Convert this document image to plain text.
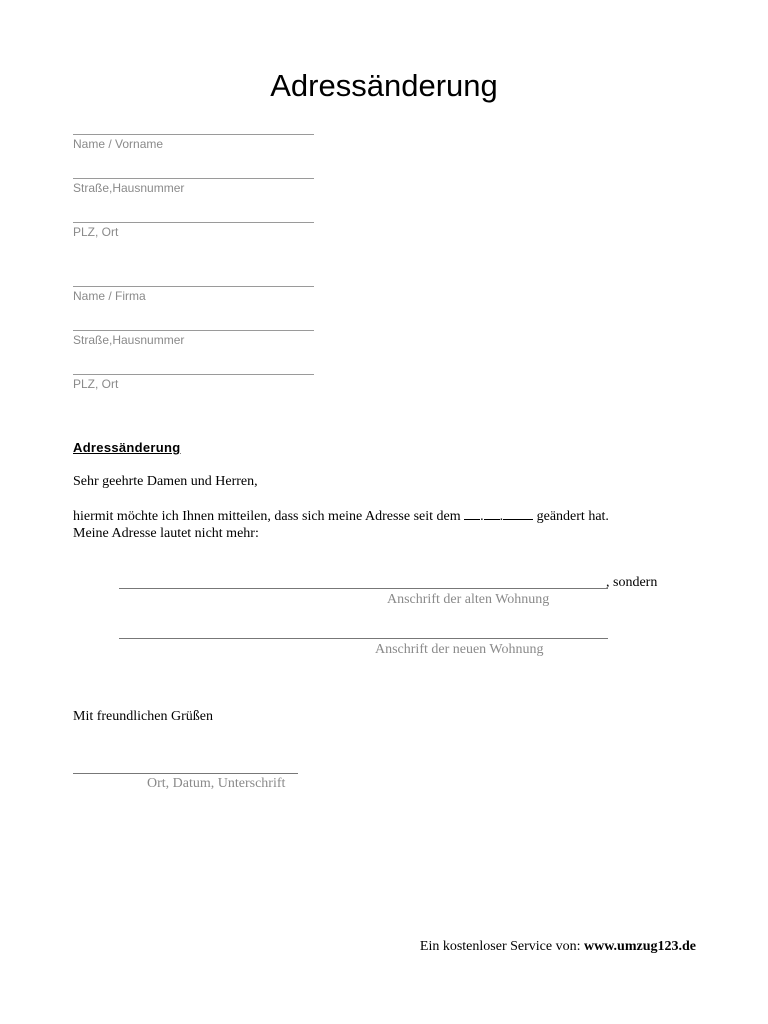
Adressänderung
Name / Vorname
Straße,Hausnummer
PLZ, Ort
Name / Firma
Straße,Hausnummer
PLZ, Ort
Adressänderung
Sehr geehrte Damen und Herren,
hiermit möchte ich Ihnen mitteilen, dass sich meine Adresse seit dem . . geändert hat.
Meine Adresse lautet nicht mehr:
, sondern
Anschrift der alten Wohnung
Anschrift der neuen Wohnung
Mit freundlichen Grüßen
Ort, Datum, Unterschrift
Ein kostenloser Service von: www.umzug123.de
